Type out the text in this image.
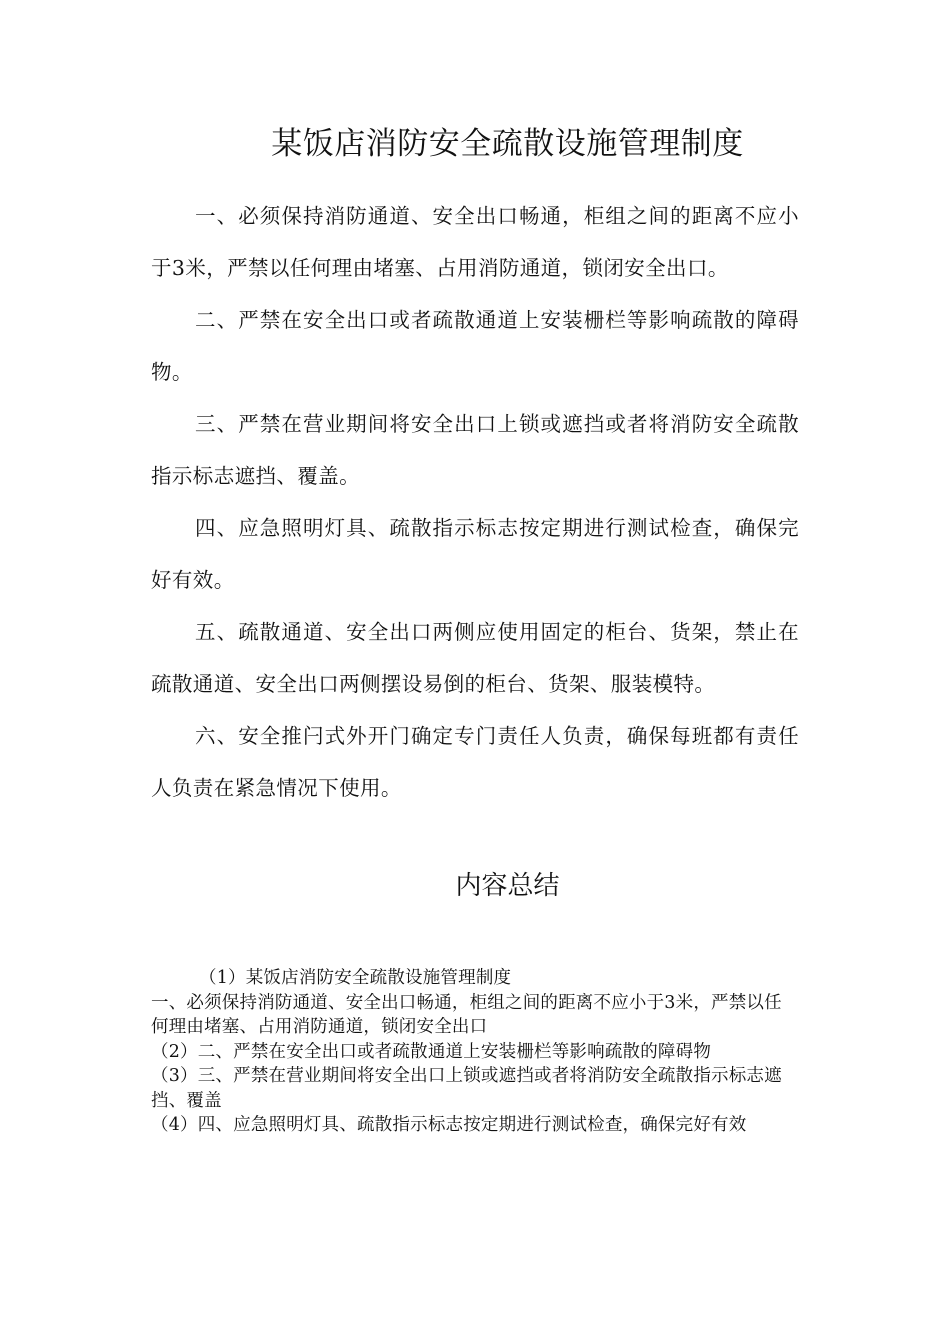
某饭店消防安全疏散设施管理制度

一、必须保持消防通道、安全出口畅通，柜组之间的距离不应小于3米，严禁以任何理由堵塞、占用消防通道，锁闭安全出口。

二、严禁在安全出口或者疏散通道上安装栅栏等影响疏散的障碍物。

三、严禁在营业期间将安全出口上锁或遮挡或者将消防安全疏散指示标志遮挡、覆盖。

四、应急照明灯具、疏散指示标志按定期进行测试检查，确保完好有效。

五、疏散通道、安全出口两侧应使用固定的柜台、货架，禁止在疏散通道、安全出口两侧摆设易倒的柜台、货架、服装模特。

六、安全推闩式外开门确定专门责任人负责，确保每班都有责任人负责在紧急情况下使用。

内容总结

（1）某饭店消防安全疏散设施管理制度

一、必须保持消防通道、安全出口畅通，柜组之间的距离不应小于3米，严禁以任何理由堵塞、占用消防通道，锁闭安全出口

（2）二、严禁在安全出口或者疏散通道上安装栅栏等影响疏散的障碍物

（3）三、严禁在营业期间将安全出口上锁或遮挡或者将消防安全疏散指示标志遮挡、覆盖

（4）四、应急照明灯具、疏散指示标志按定期进行测试检查，确保完好有效
